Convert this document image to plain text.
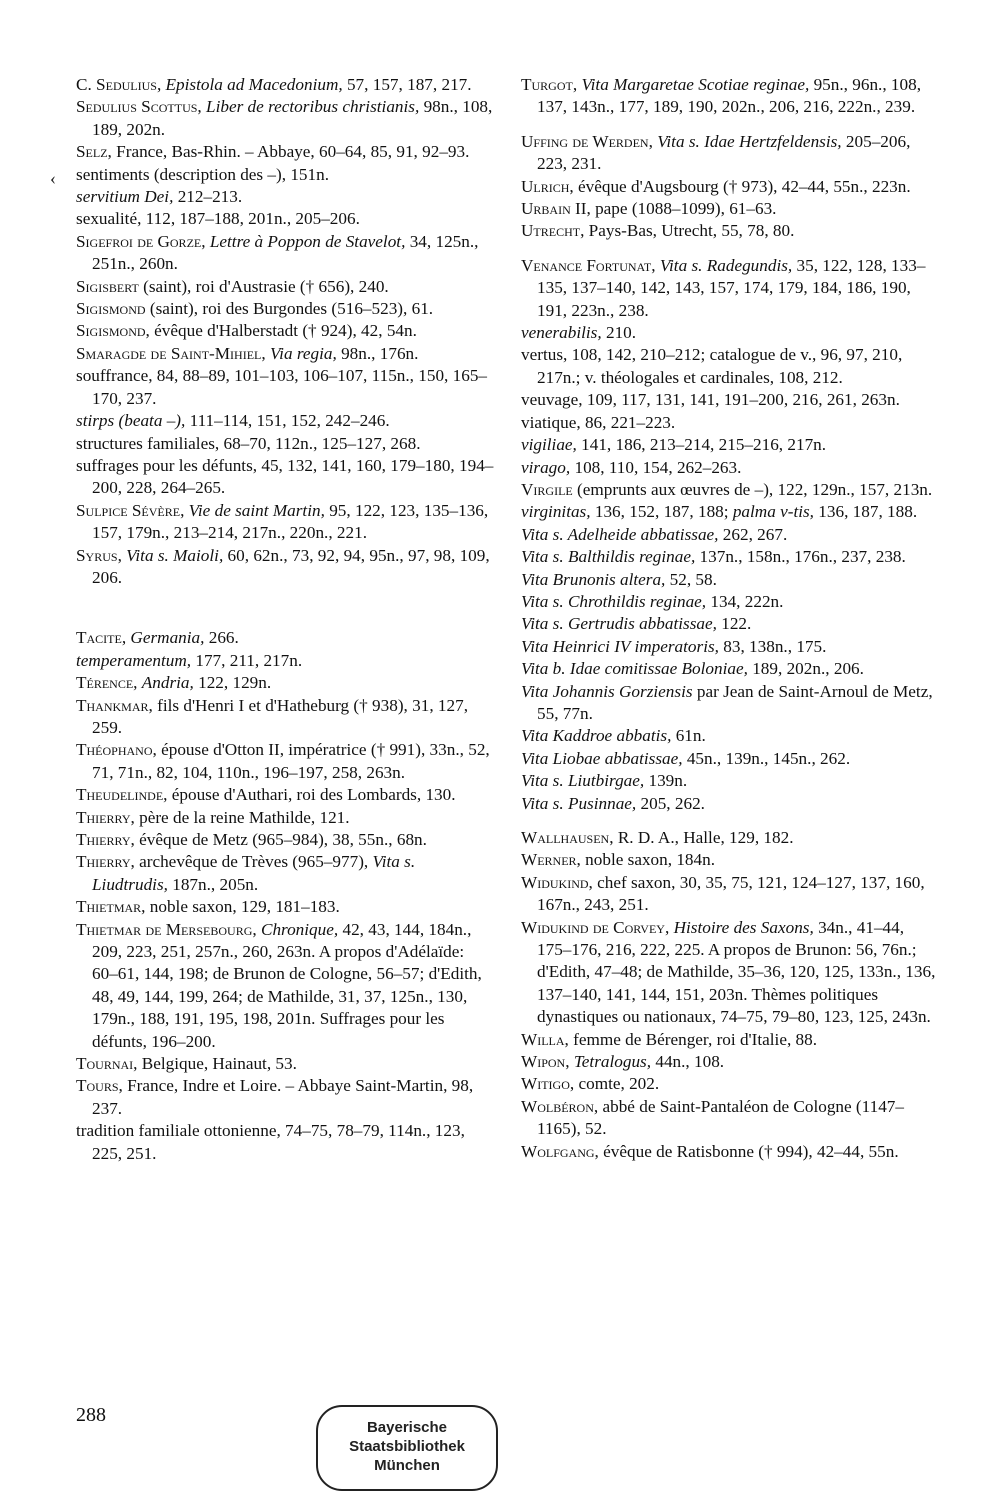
C. Sedulius, Epistola ad Macedonium, 57, 157, 187, 217.

Sedulius Scottus, Liber de rectoribus christianis, 98n., 108, 189, 202n.

Selz, France, Bas-Rhin. – Abbaye, 60–64, 85, 91, 92–93.

sentiments (description des –), 151n.

servitium Dei, 212–213.

sexualité, 112, 187–188, 201n., 205–206.

Sigefroi de Gorze, Lettre à Poppon de Stavelot, 34, 125n., 251n., 260n.

Sigisbert (saint), roi d'Austrasie († 656), 240.

Sigismond (saint), roi des Burgondes (516–523), 61.

Sigismond, évêque d'Halberstadt († 924), 42, 54n.

Smaragde de Saint-Mihiel, Via regia, 98n., 176n.

souffrance, 84, 88–89, 101–103, 106–107, 115n., 150, 165–170, 237.

stirps (beata –), 111–114, 151, 152, 242–246.

structures familiales, 68–70, 112n., 125–127, 268.

suffrages pour les défunts, 45, 132, 141, 160, 179–180, 194–200, 228, 264–265.

Sulpice Sévère, Vie de saint Martin, 95, 122, 123, 135–136, 157, 179n., 213–214, 217n., 220n., 221.

Syrus, Vita s. Maioli, 60, 62n., 73, 92, 94, 95n., 97, 98, 109, 206.

Tacite, Germania, 266.

temperamentum, 177, 211, 217n.

Térence, Andria, 122, 129n.

Thankmar, fils d'Henri I et d'Hatheburg († 938), 31, 127, 259.

Théophano, épouse d'Otton II, impératrice († 991), 33n., 52, 71, 71n., 82, 104, 110n., 196–197, 258, 263n.

Theudelinde, épouse d'Authari, roi des Lombards, 130.

Thierry, père de la reine Mathilde, 121.

Thierry, évêque de Metz (965–984), 38, 55n., 68n.

Thierry, archevêque de Trèves (965–977), Vita s. Liudtrudis, 187n., 205n.

Thietmar, noble saxon, 129, 181–183.

Thietmar de Mersebourg, Chronique, 42, 43, 144, 184n., 209, 223, 251, 257n., 260, 263n. A propos d'Adélaïde: 60–61, 144, 198; de Brunon de Cologne, 56–57; d'Edith, 48, 49, 144, 199, 264; de Mathilde, 31, 37, 125n., 130, 179n., 188, 191, 195, 198, 201n. Suffrages pour les défunts, 196–200.

Tournai, Belgique, Hainaut, 53.

Tours, France, Indre et Loire. – Abbaye Saint-Martin, 98, 237.

tradition familiale ottonienne, 74–75, 78–79, 114n., 123, 225, 251.

Turgot, Vita Margaretae Scotiae reginae, 95n., 96n., 108, 137, 143n., 177, 189, 190, 202n., 206, 216, 222n., 239.

Uffing de Werden, Vita s. Idae Hertzfeldensis, 205–206, 223, 231.

Ulrich, évêque d'Augsbourg († 973), 42–44, 55n., 223n.

Urbain II, pape (1088–1099), 61–63.

Utrecht, Pays-Bas, Utrecht, 55, 78, 80.

Venance Fortunat, Vita s. Radegundis, 35, 122, 128, 133–135, 137–140, 142, 143, 157, 174, 179, 184, 186, 190, 191, 223n., 238.

venerabilis, 210.

vertus, 108, 142, 210–212; catalogue de v., 96, 97, 210, 217n.; v. théologales et cardinales, 108, 212.

veuvage, 109, 117, 131, 141, 191–200, 216, 261, 263n.

viatique, 86, 221–223.

vigiliae, 141, 186, 213–214, 215–216, 217n.

virago, 108, 110, 154, 262–263.

Virgile (emprunts aux œuvres de –), 122, 129n., 157, 213n.

virginitas, 136, 152, 187, 188; palma v-tis, 136, 187, 188.

Vita s. Adelheide abbatissae, 262, 267.

Vita s. Balthildis reginae, 137n., 158n., 176n., 237, 238.

Vita Brunonis altera, 52, 58.

Vita s. Chrothildis reginae, 134, 222n.

Vita s. Gertrudis abbatissae, 122.

Vita Heinrici IV imperatoris, 83, 138n., 175.

Vita b. Idae comitissae Boloniae, 189, 202n., 206.

Vita Johannis Gorziensis par Jean de Saint-Arnoul de Metz, 55, 77n.

Vita Kaddroe abbatis, 61n.

Vita Liobae abbatissae, 45n., 139n., 145n., 262.

Vita s. Liutbirgae, 139n.

Vita s. Pusinnae, 205, 262.

Wallhausen, R. D. A., Halle, 129, 182.

Werner, noble saxon, 184n.

Widukind, chef saxon, 30, 35, 75, 121, 124–127, 137, 160, 167n., 243, 251.

Widukind de Corvey, Histoire des Saxons, 34n., 41–44, 175–176, 216, 222, 225. A propos de Brunon: 56, 76n.; d'Edith, 47–48; de Mathilde, 35–36, 120, 125, 133n., 136, 137–140, 141, 144, 151, 203n. Thèmes politiques dynastiques ou nationaux, 74–75, 79–80, 123, 125, 243n.

Willa, femme de Bérenger, roi d'Italie, 88.

Wipon, Tetralogus, 44n., 108.

Witigo, comte, 202.

Wolbéron, abbé de Saint-Pantaléon de Cologne (1147–1165), 52.

Wolfgang, évêque de Ratisbonne († 994), 42–44, 55n.

‹
288
Bayerische
Staatsbibliothek
München
